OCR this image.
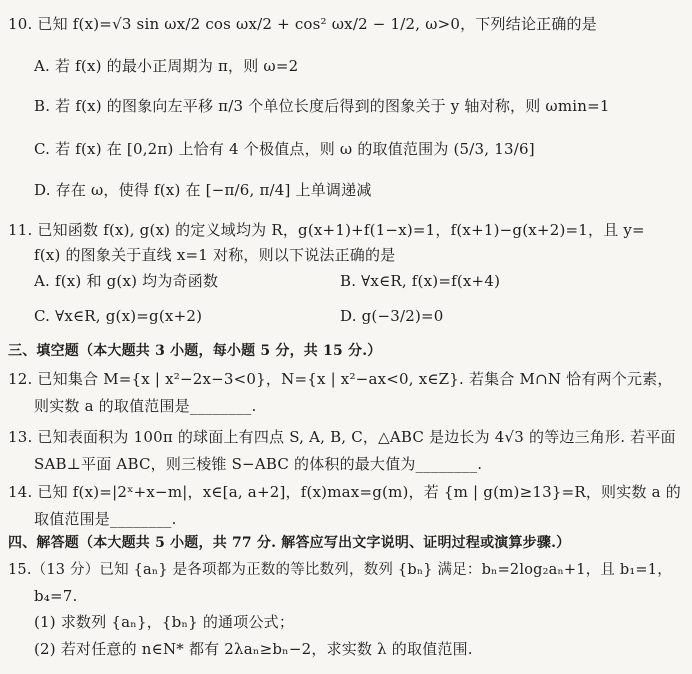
10. 已知 f(x)=√3 sin ωx/2 cos ωx/2 + cos² ωx/2 − 1/2, ω>0，下列结论正确的是
A. 若 f(x) 的最小正周期为 π，则 ω=2
B. 若 f(x) 的图象向左平移 π/3 个单位长度后得到的图象关于 y 轴对称，则 ωmin=1
C. 若 f(x) 在 [0,2π) 上恰有 4 个极值点，则 ω 的取值范围为 (5/3, 13/6]
D. 存在 ω，使得 f(x) 在 [−π/6, π/4] 上单调递减
11. 已知函数 f(x), g(x) 的定义域均为 R，g(x+1)+f(1−x)=1，f(x+1)−g(x+2)=1，且 y=
f(x) 的图象关于直线 x=1 对称，则以下说法正确的是
A. f(x) 和 g(x) 均为奇函数	B. ∀x∈R, f(x)=f(x+4)
C. ∀x∈R, g(x)=g(x+2)	D. g(−3/2)=0
三、填空题（本大题共 3 小题，每小题 5 分，共 15 分.）
12. 已知集合 M={x | x²−2x−3<0}，N={x | x²−ax<0, x∈Z}. 若集合 M∩N 恰有两个元素，
则实数 a 的取值范围是________.
13. 已知表面积为 100π 的球面上有四点 S, A, B, C，△ABC 是边长为 4√3 的等边三角形. 若平面
SAB⊥平面 ABC，则三棱锥 S−ABC 的体积的最大值为________.
14. 已知 f(x)=|2ˣ+x−m|，x∈[a, a+2]，f(x)max=g(m)，若 {m | g(m)≥13}=R，则实数 a 的
取值范围是________.
四、解答题（本大题共 5 小题，共 77 分. 解答应写出文字说明、证明过程或演算步骤.）
15.（13 分）已知 {aₙ} 是各项都为正数的等比数列，数列 {bₙ} 满足：bₙ=2log₂aₙ+1，且 b₁=1，
b₄=7.
(1) 求数列 {aₙ}，{bₙ} 的通项公式；
(2) 若对任意的 n∈N* 都有 2λaₙ≥bₙ−2，求实数 λ 的取值范围.
